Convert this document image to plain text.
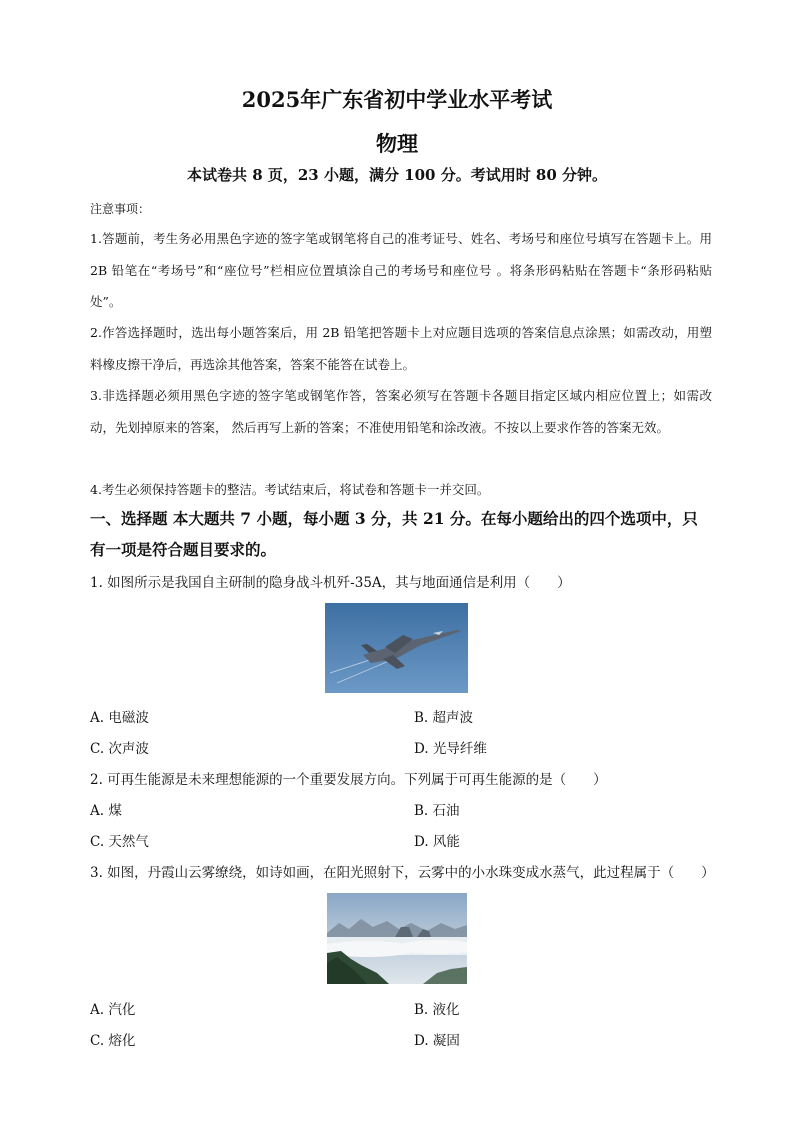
2025年广东省初中学业水平考试
物理
本试卷共 8 页，23 小题，满分 100 分。考试用时 80 分钟。
注意事项：
1.答题前，考生务必用黑色字迹的签字笔或钢笔将自己的准考证号、姓名、考场号和座位号填写在答题卡上。用 2B 铅笔在“考场号”和“座位号”栏相应位置填涂自己的考场号和座位号 。将条形码粘贴在答题卡“条形码粘贴处”。
2.作答选择题时，选出每小题答案后，用 2B 铅笔把答题卡上对应题目选项的答案信息点涂黑；如需改动，用塑料橡皮擦干净后，再选涂其他答案，答案不能答在试卷上。
3.非选择题必须用黑色字迹的签字笔或钢笔作答，答案必须写在答题卡各题目指定区域内相应位置上；如需改动，先划掉原来的答案， 然后再写上新的答案；不准使用铅笔和涂改液。不按以上要求作答的答案无效。
4.考生必须保持答题卡的整洁。考试结束后，将试卷和答题卡一并交回。
一、选择题 本大题共 7 小题，每小题 3 分，共 21 分。在每小题给出的四个选项中，只有一项是符合题目要求的。
1. 如图所示是我国自主研制的隐身战斗机歼-35A，其与地面通信是利用（　　）
A. 电磁波	B. 超声波
C. 次声波	D. 光导纤维
2. 可再生能源是未来理想能源的一个重要发展方向。下列属于可再生能源的是（　　）
A. 煤	B. 石油
C. 天然气	D. 风能
3. 如图，丹霞山云雾缭绕，如诗如画，在阳光照射下，云雾中的小水珠变成水蒸气，此过程属于（　　）
A. 汽化	B. 液化
C. 熔化	D. 凝固
